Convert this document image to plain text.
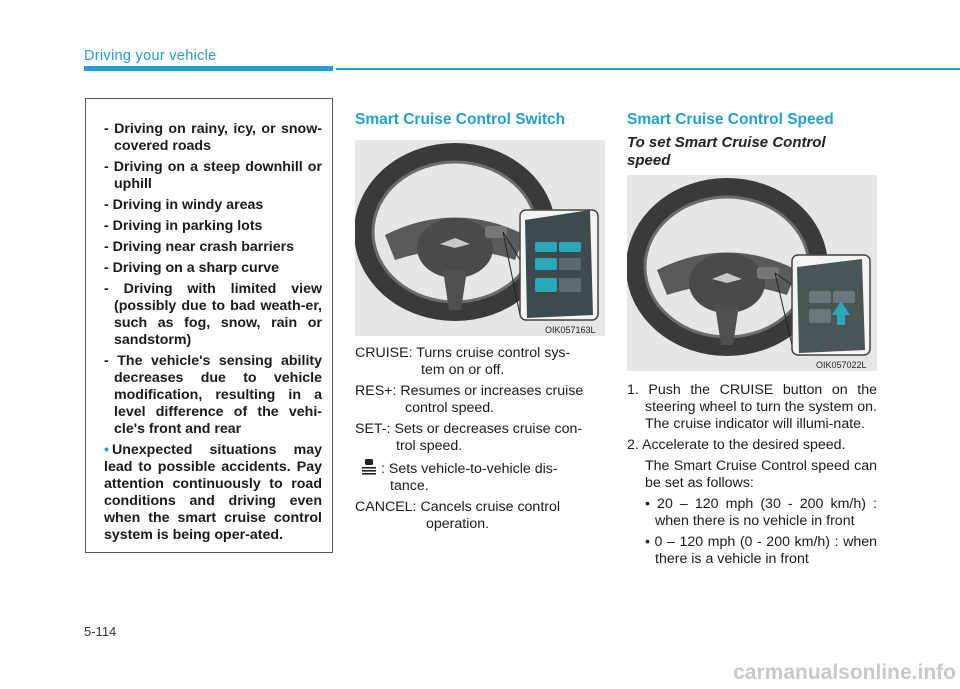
Driving your vehicle
- Driving on rainy, icy, or snow-covered roads
- Driving on a steep downhill or uphill
- Driving in windy areas
- Driving in parking lots
- Driving near crash barriers
- Driving on a sharp curve
- Driving with limited view (possibly due to bad weath-er, such as fog, snow, rain or sandstorm)
- The vehicle's sensing ability decreases due to vehicle modification, resulting in a level difference of the vehi-cle's front and rear
• Unexpected situations may lead to possible accidents. Pay attention continuously to road conditions and driving even when the smart cruise control system is being oper-ated.
Smart Cruise Control Switch
OIK057163L
CRUISE: Turns cruise control sys-
tem on or off.
RES+: Resumes or increases cruise
control speed.
SET-: Sets or decreases cruise con-
trol speed.
: Sets vehicle-to-vehicle dis-
tance.
CANCEL: Cancels cruise control
operation.
Smart Cruise Control Speed
To set Smart Cruise Control speed
OIK057022L
1. Push the CRUISE button on the steering wheel to turn the system on. The cruise indicator will illumi-nate.
2. Accelerate to the desired speed.
The Smart Cruise Control speed can be set as follows:
• 20 – 120 mph (30 - 200 km/h) : when there is no vehicle in front
• 0 – 120 mph (0 - 200 km/h) : when there is a vehicle in front
5-114
carmanualsonline.info
